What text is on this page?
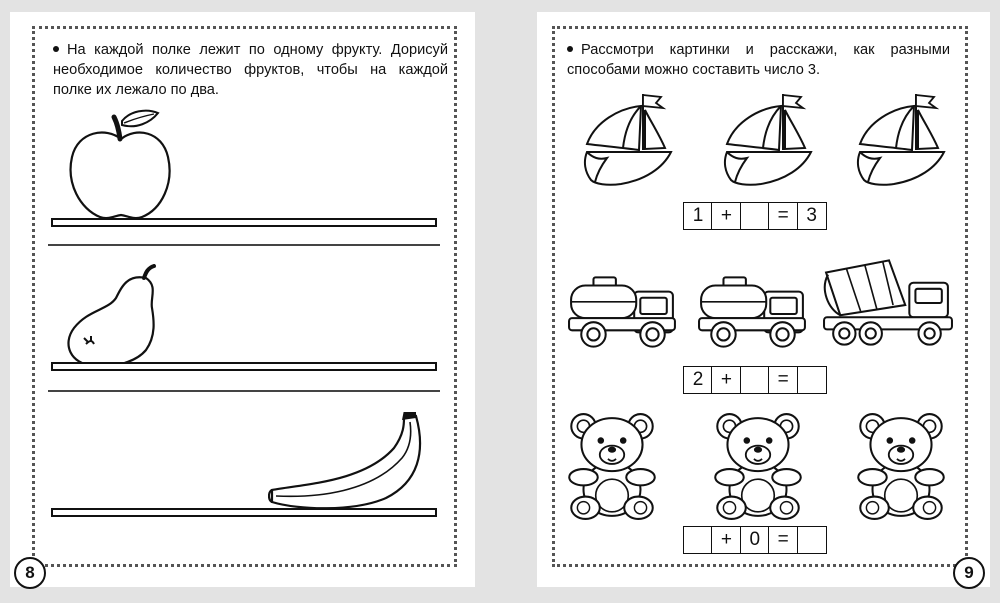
На каждой полке лежит по одному фрукту. Дорисуй необходимое количество фруктов, чтобы на каждой полке их лежало по два.

8

Рассмотри картинки и расскажи, как разными способами можно составить число 3.

1 +	= 3
2 +	=
+ 0 =
9
